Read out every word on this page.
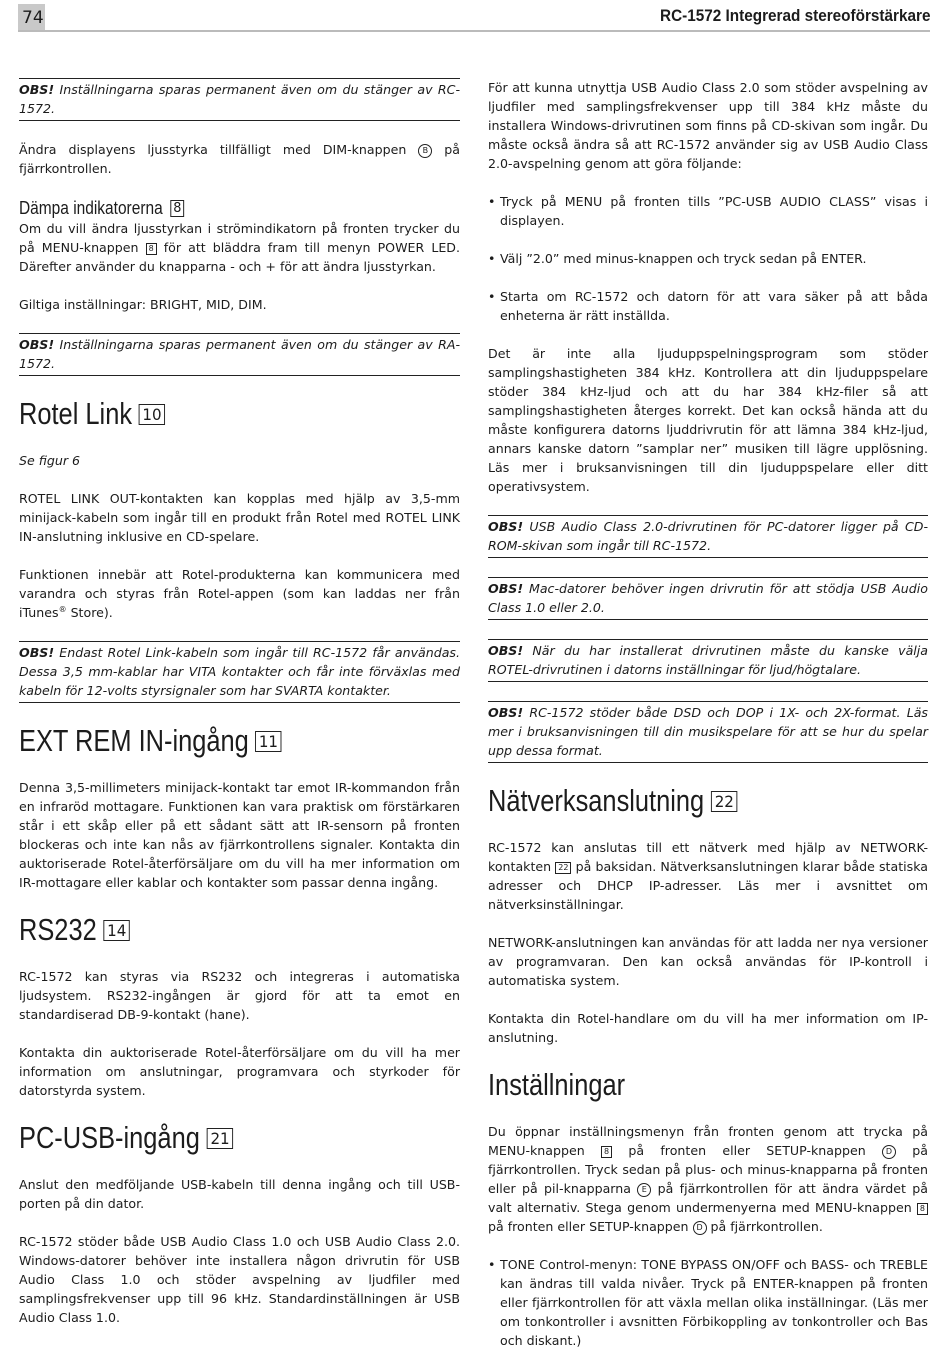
74	RC-1572 Integrerad stereoförstärkare
OBS! Inställningarna sparas permanent även om du stänger av RC-1572.

Ändra displayens ljusstyrka tillfälligt med DIM-knappen B på fjärrkontrollen.

Dämpa indikatorerna 8

Om du vill ändra ljusstyrkan i strömindikatorn på fronten trycker du på MENU-knappen 8 för att bläddra fram till menyn POWER LED. Därefter använder du knapparna - och + för att ändra ljusstyrkan.

Giltiga inställningar: BRIGHT, MID, DIM.

OBS! Inställningarna sparas permanent även om du stänger av RA-1572.
Rotel Link 10

Se figur 6

ROTEL LINK OUT-kontakten kan kopplas med hjälp av 3,5-mm minijack-kabeln som ingår till en produkt från Rotel med ROTEL LINK IN-anslutning inklusive en CD-spelare.

Funktionen innebär att Rotel-produkterna kan kommunicera med varandra och styras från Rotel-appen (som kan laddas ner från iTunes® Store).

OBS! Endast Rotel Link-kabeln som ingår till RC-1572 får användas. Dessa 3,5 mm-kablar har VITA kontakter och får inte förväxlas med kabeln för 12-volts styrsignaler som har SVARTA kontakter.
EXT REM IN-ingång 11

Denna 3,5-millimeters minijack-kontakt tar emot IR-kommandon från en infraröd mottagare. Funktionen kan vara praktisk om förstärkaren står i ett skåp eller på ett sådant sätt att IR-sensorn på fronten blockeras och inte kan nås av fjärrkontrollens signaler. Kontakta din auktoriserade Rotel-återförsäljare om du vill ha mer information om IR-mottagare eller kablar och kontakter som passar denna ingång.

RS232 14

RC-1572 kan styras via RS232 och integreras i automatiska ljudsystem. RS232-ingången är gjord för att ta emot en standardiserad DB-9-kontakt (hane).

Kontakta din auktoriserade Rotel-återförsäljare om du vill ha mer information om anslutningar, programvara och styrkoder för datorstyrda system.

PC-USB-ingång 21

Anslut den medföljande USB-kabeln till denna ingång och till USB-porten på din dator.

RC-1572 stöder både USB Audio Class 1.0 och USB Audio Class 2.0. Windows-datorer behöver inte installera någon drivrutin för USB Audio Class 1.0 och stöder avspelning av ljudfiler med samplingsfrekvenser upp till 96 kHz. Standardinställningen är USB Audio Class 1.0.

För att kunna utnyttja USB Audio Class 2.0 som stöder avspelning av ljudfiler med samplingsfrekvenser upp till 384 kHz måste du installera Windows-drivrutinen som finns på CD-skivan som ingår. Du måste också ändra så att RC-1572 använder sig av USB Audio Class 2.0-avspelning genom att göra följande:

• Tryck på MENU på fronten tills ”PC-USB AUDIO CLASS” visas i displayen.
• Välj ”2.0” med minus-knappen och tryck sedan på ENTER.
• Starta om RC-1572 och datorn för att vara säker på att båda enheterna är rätt inställda.

Det är inte alla ljuduppspelningsprogram som stöder samplingshastigheten 384 kHz. Kontrollera att din ljuduppspelare stöder 384 kHz-ljud och att du har 384 kHz-filer så att samplingshastigheten återges korrekt. Det kan också hända att du måste konfigurera datorns ljuddrivrutin för att lämna 384 kHz-ljud, annars kanske datorn ”samplar ner” musiken till lägre upplösning. Läs mer i bruksanvisningen till din ljuduppspelare eller ditt operativsystem.

OBS! USB Audio Class 2.0-drivrutinen för PC-datorer ligger på CD-ROM-skivan som ingår till RC-1572.
OBS! Mac-datorer behöver ingen drivrutin för att stödja USB Audio Class 1.0 eller 2.0.
OBS! När du har installerat drivrutinen måste du kanske välja ROTEL-drivrutinen i datorns inställningar för ljud/högtalare.
OBS! RC-1572 stöder både DSD och DOP i 1X- och 2X-format. Läs mer i bruksanvisningen till din musikspelare för att se hur du spelar upp dessa format.
Nätverksanslutning 22

RC-1572 kan anslutas till ett nätverk med hjälp av NETWORK-kontakten 22 på baksidan. Nätverksanslutningen klarar både statiska adresser och DHCP IP-adresser. Läs mer i avsnittet om nätverksinställningar.

NETWORK-anslutningen kan användas för att ladda ner nya versioner av programvaran. Den kan också användas för IP-kontroll i automatiska system.

Kontakta din Rotel-handlare om du vill ha mer information om IP-anslutning.

Inställningar

Du öppnar inställningsmenyn från fronten genom att trycka på MENU-knappen 8 på fronten eller SETUP-knappen D på fjärrkontrollen. Tryck sedan på plus- och minus-knapparna på fronten eller på pil-knapparna E på fjärrkontrollen för att ändra värdet på valt alternativ. Stega genom undermenyerna med MENU-knappen 8 på fronten eller SETUP-knappen D på fjärrkontrollen.

• TONE Control-menyn: TONE BYPASS ON/OFF och BASS- och TREBLE kan ändras till valda nivåer. Tryck på ENTER-knappen på fronten eller fjärrkontrollen för att växla mellan olika inställningar. (Läs mer om tonkontroller i avsnitten Förbikoppling av tonkontroller och Bas och diskant.)
